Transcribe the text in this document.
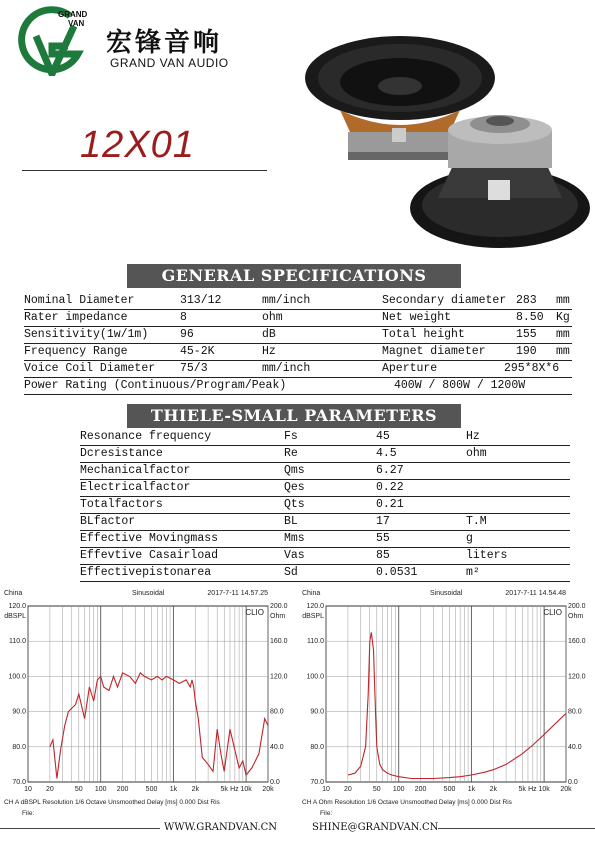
GRAND
VAN
宏锋音响
GRAND VAN AUDIO
12X01
GENERAL SPECIFICATIONS
Nominal Diameter	313/12	mm/inch	Secondary diameter 283 mm
Rater impedance	8	ohm	Net weight	8.50 Kg
Sensitivity(1w/1m)	96	dB	Total height	155 mm
Frequency Range	45-2K	Hz	Magnet diameter	190 mm
Voice Coil Diameter 75/3	mm/inch	Aperture	295*8X*6
Power Rating (Continuous/Program/Peak)	400W / 800W / 1200W
THIELE-SMALL PARAMETERS
Resonance frequency	Fs	45	Hz
Dcresistance	Re	4.5	ohm
Mechanicalfactor	Qms	6.27
Electricalfactor	Qes	0.22
Totalfactors	Qts	0.21
BLfactor	BL	17	T.M
Effective Movingmass	Mms	55	g
Effevtive Casairload	Vas	85	liters
Effectivepistonarea	Sd	0.0531	m²
China	Sinusoidal	2017-7-11 14.57.25
120.0
110.0
100.0
90.0
80.0
70.0
200.0
160.0
120.0
80.0
40.0
0.0
dBSPL	Ohm
CLIO
10 20	50 100 200 500 1k 2k	5k 10k 20k
Hz
CH A dBSPL Resolution 1/6 Octave Unsmoothed Delay [ms] 0.000 Dist Ris
File:
China	Sinusoidal	2017-7-11 14.54.48
120.0
110.0
100.0
90.0
80.0
70.0
200.0
160.0
120.0
80.0
40.0
0.0
dBSPL	Ohm
CLIO
10 20	50 100 200 500 1k 2k	5k 10k 20k
Hz
CH A Ohm Resolution 1/6 Octave Unsmoothed Delay [ms] 0.000 Dist Ris
File:
WWW.GRANDVAN.CN	SHINE@GRANDVAN.CN
